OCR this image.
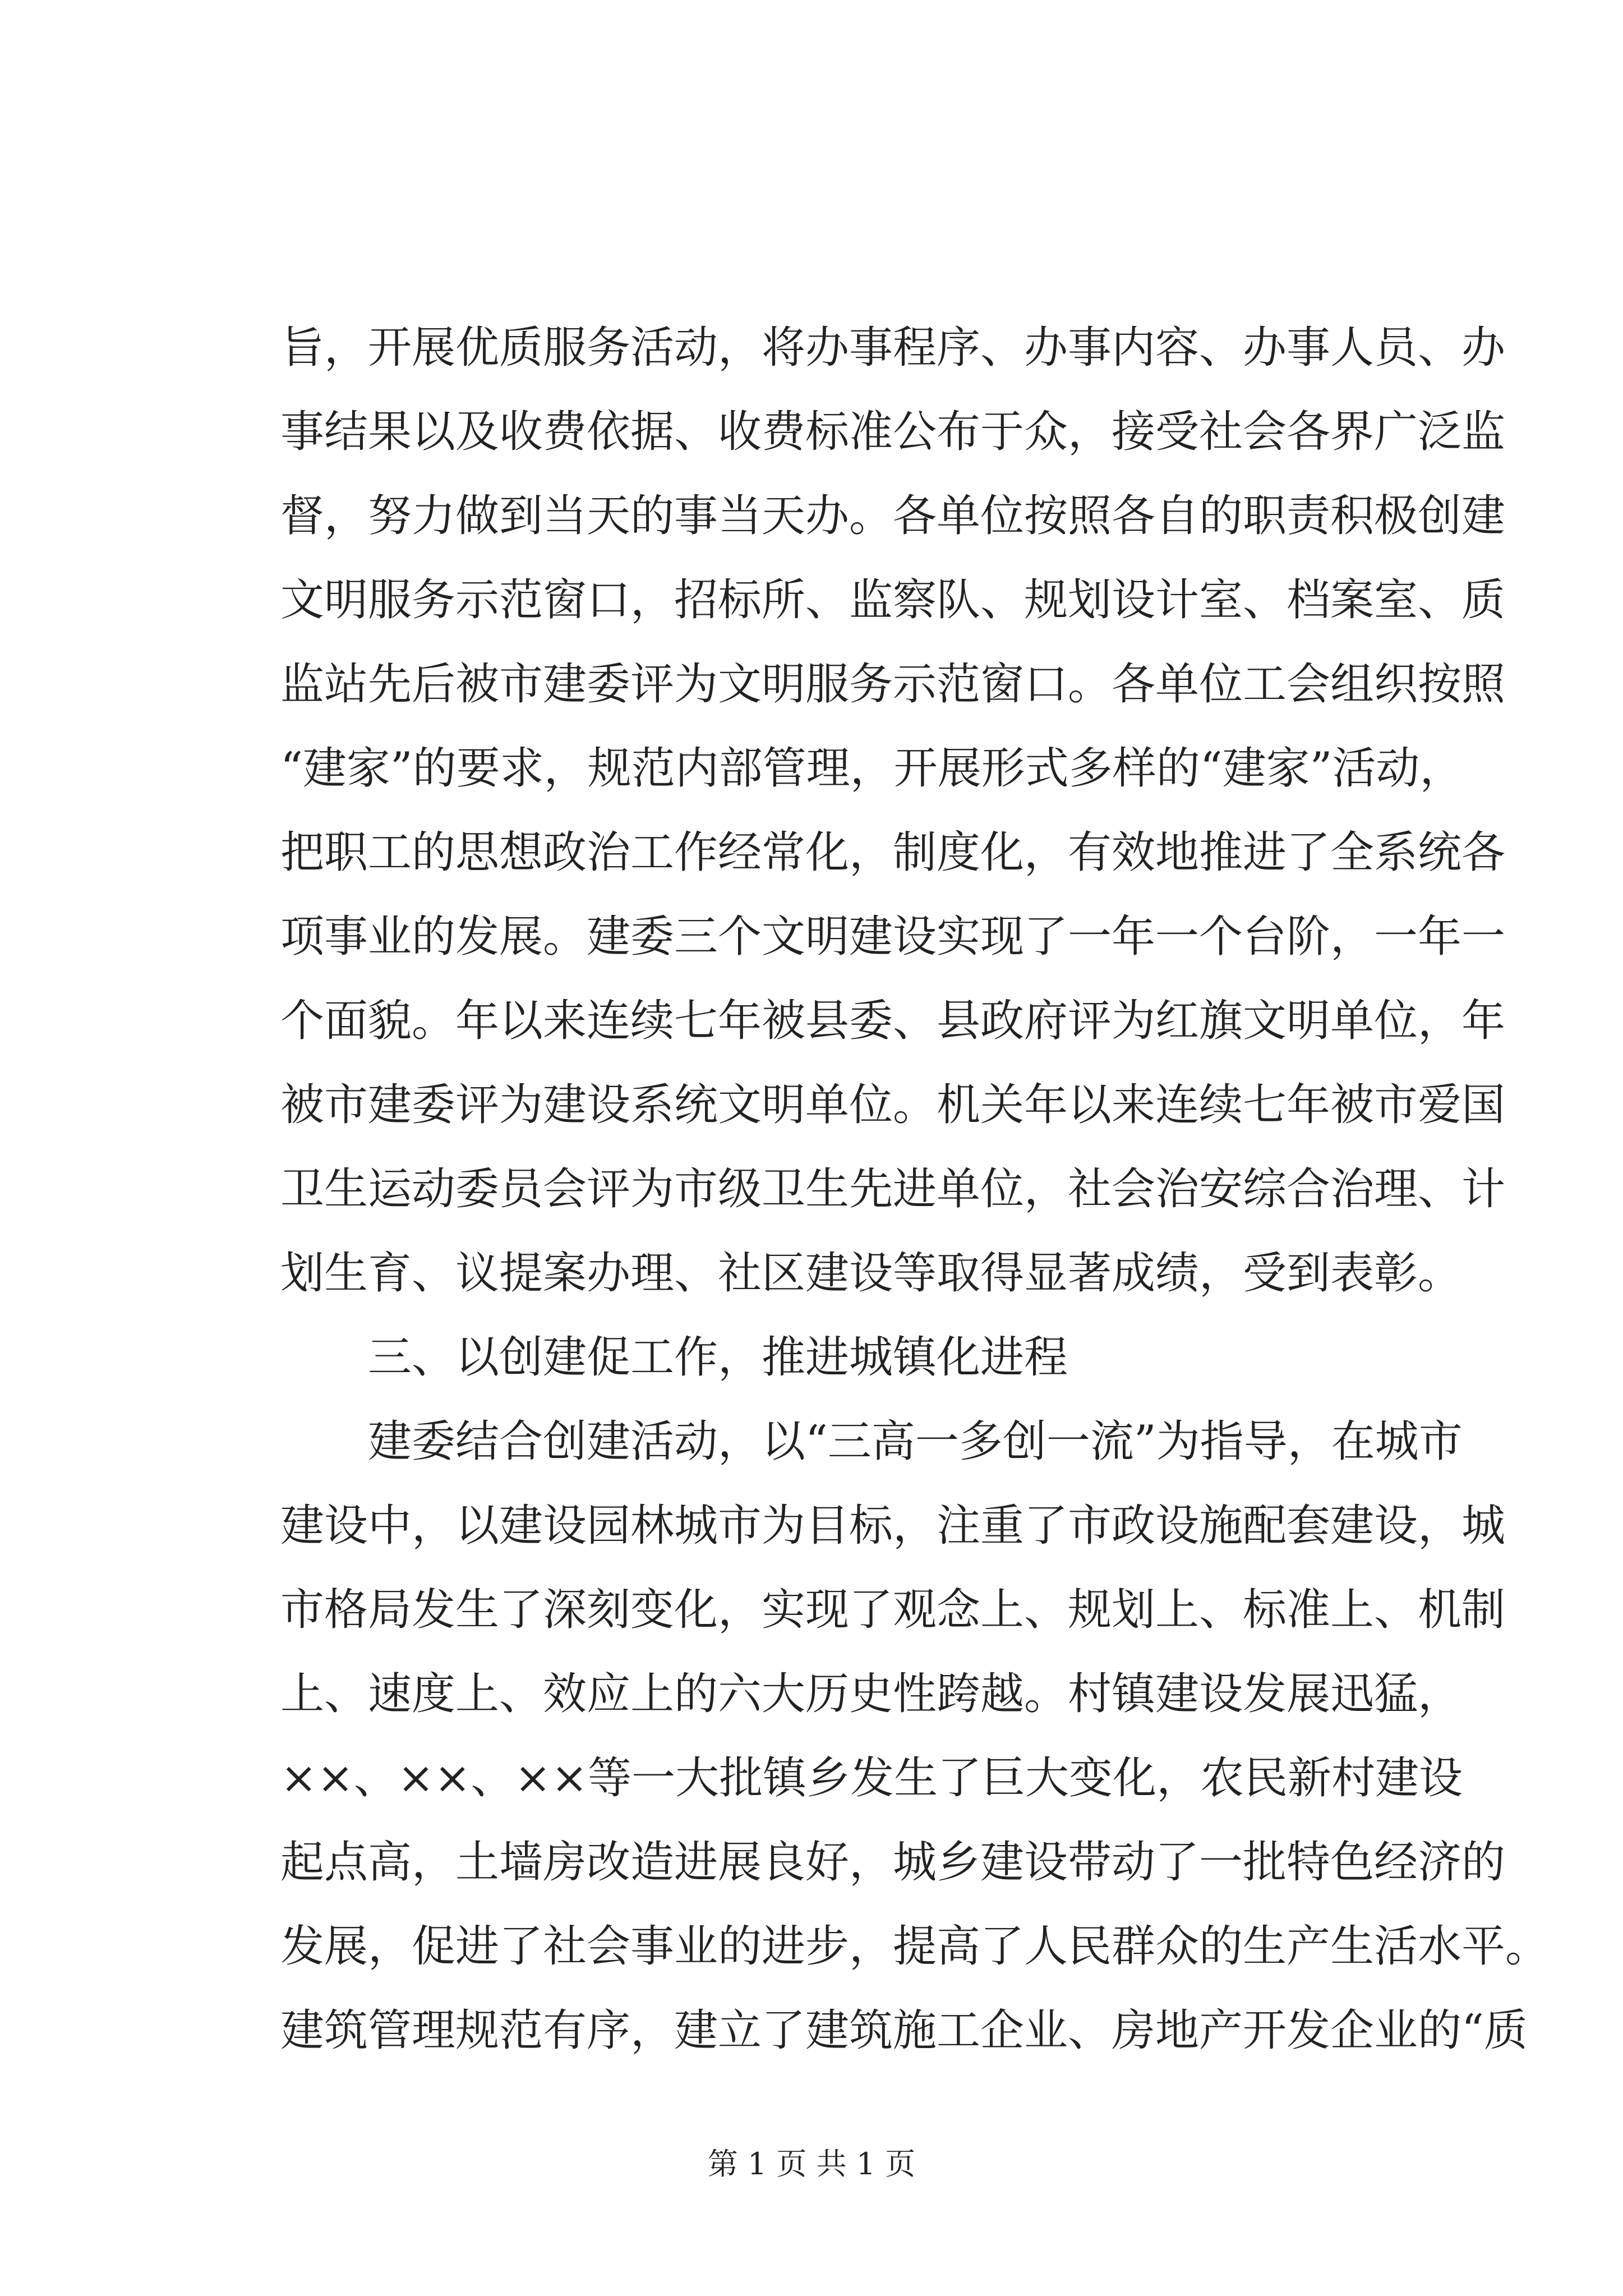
旨，开展优质服务活动，将办事程序、办事内容、办事人员、办
事结果以及收费依据、收费标准公布于众，接受社会各界广泛监
督，努力做到当天的事当天办。各单位按照各自的职责积极创建
文明服务示范窗口，招标所、监察队、规划设计室、档案室、质
监站先后被市建委评为文明服务示范窗口。各单位工会组织按照
“建家”的要求，规范内部管理，开展形式多样的“建家”活动，
把职工的思想政治工作经常化，制度化，有效地推进了全系统各
项事业的发展。建委三个文明建设实现了一年一个台阶，一年一
个面貌。年以来连续七年被县委、县政府评为红旗文明单位，年
被市建委评为建设系统文明单位。机关年以来连续七年被市爱国
卫生运动委员会评为市级卫生先进单位，社会治安综合治理、计
划生育、议提案办理、社区建设等取得显著成绩，受到表彰。
三、以创建促工作，推进城镇化进程
建委结合创建活动，以“三高一多创一流”为指导，在城市
建设中，以建设园林城市为目标，注重了市政设施配套建设，城
市格局发生了深刻变化，实现了观念上、规划上、标准上、机制
上、速度上、效应上的六大历史性跨越。村镇建设发展迅猛，
××、××、××等一大批镇乡发生了巨大变化，农民新村建设
起点高，土墙房改造进展良好，城乡建设带动了一批特色经济的
发展，促进了社会事业的进步，提高了人民群众的生产生活水平。
建筑管理规范有序，建立了建筑施工企业、房地产开发企业的“质
第 1 页 共 1 页
